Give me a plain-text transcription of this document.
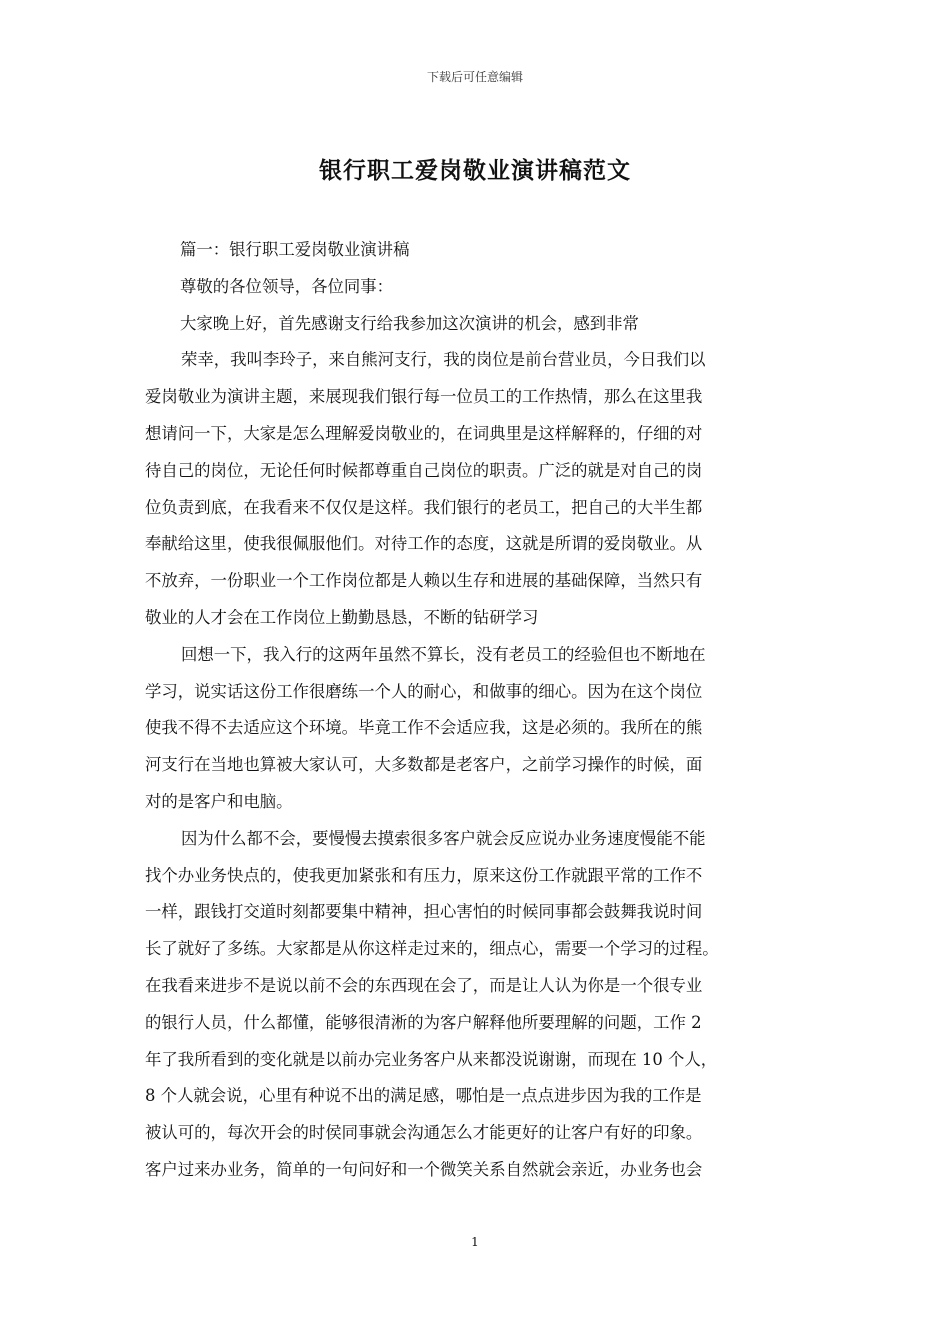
下载后可任意编辑
银行职工爱岗敬业演讲稿范文
篇一：银行职工爱岗敬业演讲稿
尊敬的各位领导，各位同事：
大家晚上好，首先感谢支行给我参加这次演讲的机会，感到非常
荣幸，我叫李玲子，来自熊河支行，我的岗位是前台营业员，今日我们以
爱岗敬业为演讲主题，来展现我们银行每一位员工的工作热情，那么在这里我
想请问一下，大家是怎么理解爱岗敬业的，在词典里是这样解释的，仔细的对
待自己的岗位，无论任何时候都尊重自己岗位的职责。广泛的就是对自己的岗
位负责到底，在我看来不仅仅是这样。我们银行的老员工，把自己的大半生都
奉献给这里，使我很佩服他们。对待工作的态度，这就是所谓的爱岗敬业。从
不放弃，一份职业一个工作岗位都是人赖以生存和进展的基础保障，当然只有
敬业的人才会在工作岗位上勤勤恳恳，不断的钻研学习
回想一下，我入行的这两年虽然不算长，没有老员工的经验但也不断地在
学习，说实话这份工作很磨练一个人的耐心，和做事的细心。因为在这个岗位
使我不得不去适应这个环境。毕竟工作不会适应我，这是必须的。我所在的熊
河支行在当地也算被大家认可，大多数都是老客户，之前学习操作的时候，面
对的是客户和电脑。
因为什么都不会，要慢慢去摸索很多客户就会反应说办业务速度慢能不能
找个办业务快点的，使我更加紧张和有压力，原来这份工作就跟平常的工作不
一样，跟钱打交道时刻都要集中精神，担心害怕的时候同事都会鼓舞我说时间
长了就好了多练。大家都是从你这样走过来的，细点心，需要一个学习的过程。
在我看来进步不是说以前不会的东西现在会了，而是让人认为你是一个很专业
的银行人员，什么都懂，能够很清淅的为客户解释他所要理解的问题，工作 2
年了我所看到的变化就是以前办完业务客户从来都没说谢谢，而现在 10 个人，
8 个人就会说，心里有种说不出的满足感，哪怕是一点点进步因为我的工作是
被认可的，每次开会的时侯同事就会沟通怎么才能更好的让客户有好的印象。
客户过来办业务，简单的一句问好和一个微笑关系自然就会亲近，办业务也会
1
